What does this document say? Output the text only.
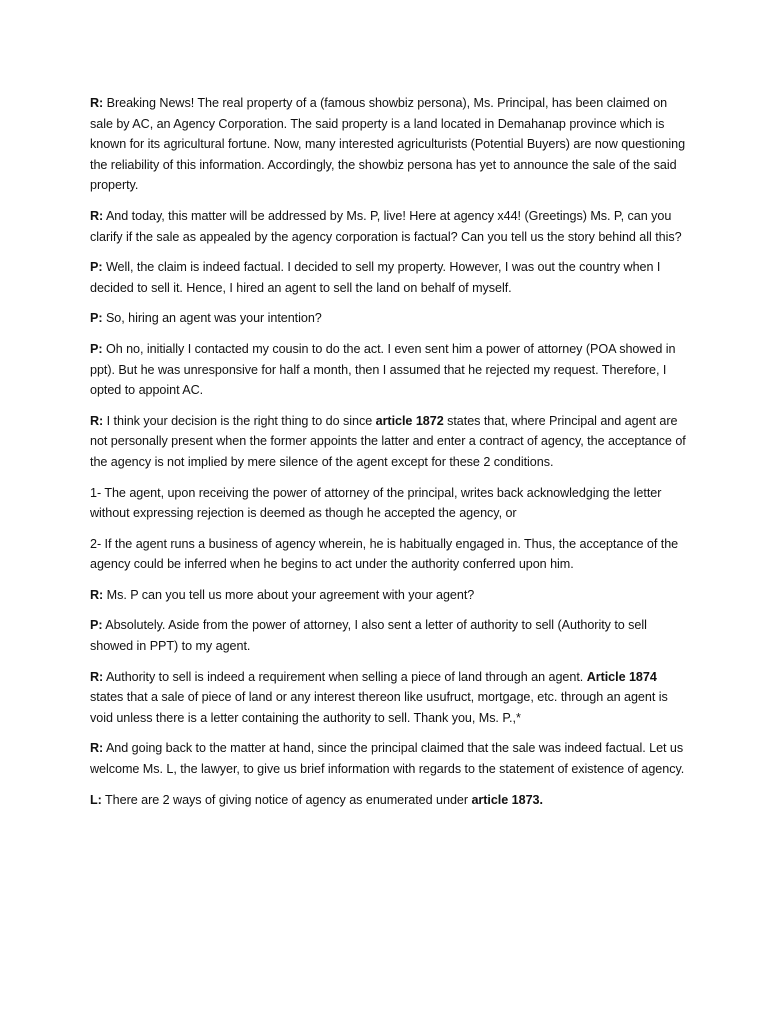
R: Breaking News! The real property of a (famous showbiz persona), Ms. Principal, has been claimed on sale by AC, an Agency Corporation. The said property is a land located in Demahanap province which is known for its agricultural fortune. Now, many interested agriculturists (Potential Buyers) are now questioning the reliability of this information. Accordingly, the showbiz persona has yet to announce the sale of the said property.

R: And today, this matter will be addressed by Ms. P, live! Here at agency x44! (Greetings) Ms. P, can you clarify if the sale as appealed by the agency corporation is factual? Can you tell us the story behind all this?

P: Well, the claim is indeed factual. I decided to sell my property. However, I was out the country when I decided to sell it. Hence, I hired an agent to sell the land on behalf of myself.

P: So, hiring an agent was your intention?

P: Oh no, initially I contacted my cousin to do the act. I even sent him a power of attorney (POA showed in ppt). But he was unresponsive for half a month, then I assumed that he rejected my request. Therefore, I opted to appoint AC.

R: I think your decision is the right thing to do since article 1872 states that, where Principal and agent are not personally present when the former appoints the latter and enter a contract of agency, the acceptance of the agency is not implied by mere silence of the agent except for these 2 conditions.

1- The agent, upon receiving the power of attorney of the principal, writes back acknowledging the letter without expressing rejection is deemed as though he accepted the agency, or

2- If the agent runs a business of agency wherein, he is habitually engaged in. Thus, the acceptance of the agency could be inferred when he begins to act under the authority conferred upon him.

R: Ms. P can you tell us more about your agreement with your agent?

P: Absolutely. Aside from the power of attorney, I also sent a letter of authority to sell (Authority to sell showed in PPT) to my agent.

R: Authority to sell is indeed a requirement when selling a piece of land through an agent. Article 1874 states that a sale of piece of land or any interest thereon like usufruct, mortgage, etc. through an agent is void unless there is a letter containing the authority to sell. Thank you, Ms. P.,*

R: And going back to the matter at hand, since the principal claimed that the sale was indeed factual. Let us welcome Ms. L, the lawyer, to give us brief information with regards to the statement of existence of agency.

L: There are 2 ways of giving notice of agency as enumerated under article 1873.
